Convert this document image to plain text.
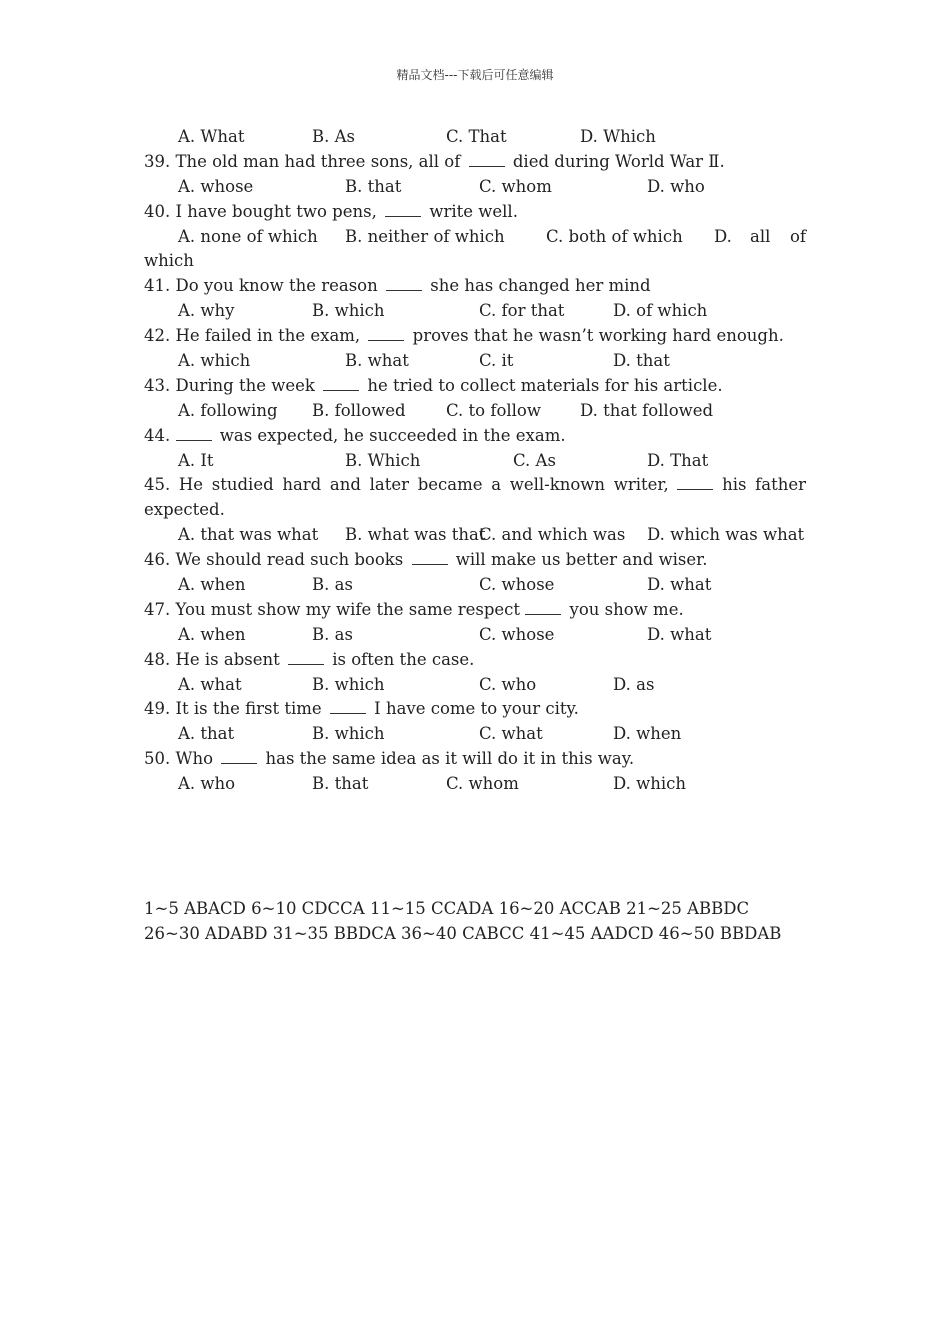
精品文档---下载后可任意编辑
A. What	B. As	C. That	D. Which
39. The old man had three sons, all of	died during World War Ⅱ.
A. whose	B. that	C. whom	D. who
40. I have bought two pens,	write well.
A. none of which B. neither of which	C. both of which D. all of
which
41. Do you know the reason	she has changed her mind
A. why	B. which	C. for that	D. of which
42. He failed in the exam,	proves that he wasn’t working hard enough.
A. which	B. what	C. it	D. that
43. During the week	he tried to collect materials for his article.
A. following B. followed C. to follow D. that followed
44.  was expected, he succeeded in the exam.
A. It	B. Which	C. As	D. That
45. He studied hard and later became a well-known writer,	his father
expected.
A. that was what B. what was that
C. and which was D. which was what
46. We should read such books	will make us better and wiser.
A. when	B. as	C. whose	D. what
47. You must show my wife the same respect  you show me.
A. when	B. as	C. whose	D. what
48. He is absent	is often the case.
A. what	B. which	C. who	D. as
49. It is the first time	I have come to your city.
A. that	B. which	C. what	D. when
50. Who	has the same idea as it will do it in this way.
A. who	B. that	C. whom	D. which
1~5 ABACD 6~10 CDCCA 11~15 CCADA 16~20 ACCAB 21~25 ABBDC
26~30 ADABD 31~35 BBDCA 36~40 CABCC 41~45 AADCD 46~50 BBDAB
